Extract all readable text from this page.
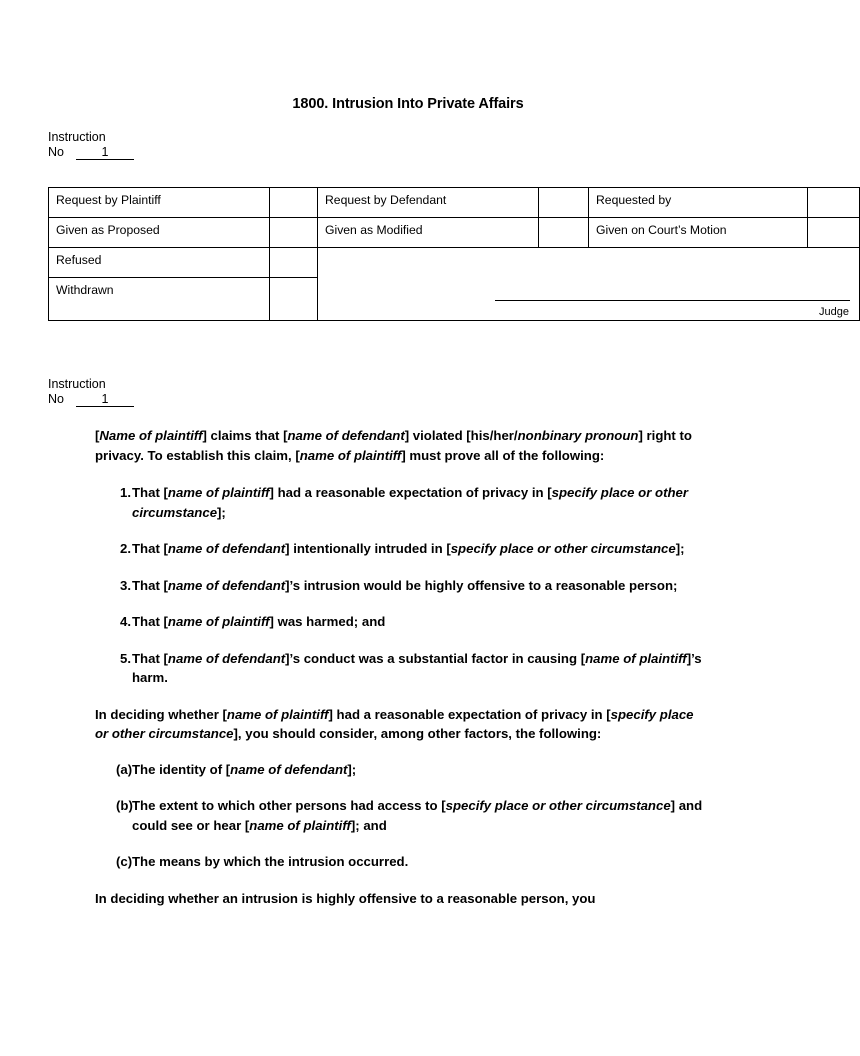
1800. Intrusion Into Private Affairs
Instruction
No	1
Request by Plaintiff		Request by Defendant		Requested by	
Given as Proposed		Given as Modified		Given on Court’s Motion	
Refused		Judge			

Withdrawn					
Instruction
No	1

[Name of plaintiff] claims that [name of defendant] violated [his/her/nonbinary pronoun] right to privacy. To establish this claim, [name of plaintiff] must prove all of the following:

1. That [name of plaintiff] had a reasonable expectation of privacy in [specify place or other circumstance];
2. That [name of defendant] intentionally intruded in [specify place or other circumstance];
3. That [name of defendant]’s intrusion would be highly offensive to a reasonable person;
4. That [name of plaintiff] was harmed; and
5. That [name of defendant]’s conduct was a substantial factor in causing [name of plaintiff]’s harm.

In deciding whether [name of plaintiff] had a reasonable expectation of privacy in [specify place or other circumstance], you should consider, among other factors, the following:

(a) The identity of [name of defendant];
(b) The extent to which other persons had access to [specify place or other circumstance] and could see or hear [name of plaintiff]; and
(c) The means by which the intrusion occurred.

In deciding whether an intrusion is highly offensive to a reasonable person, you
